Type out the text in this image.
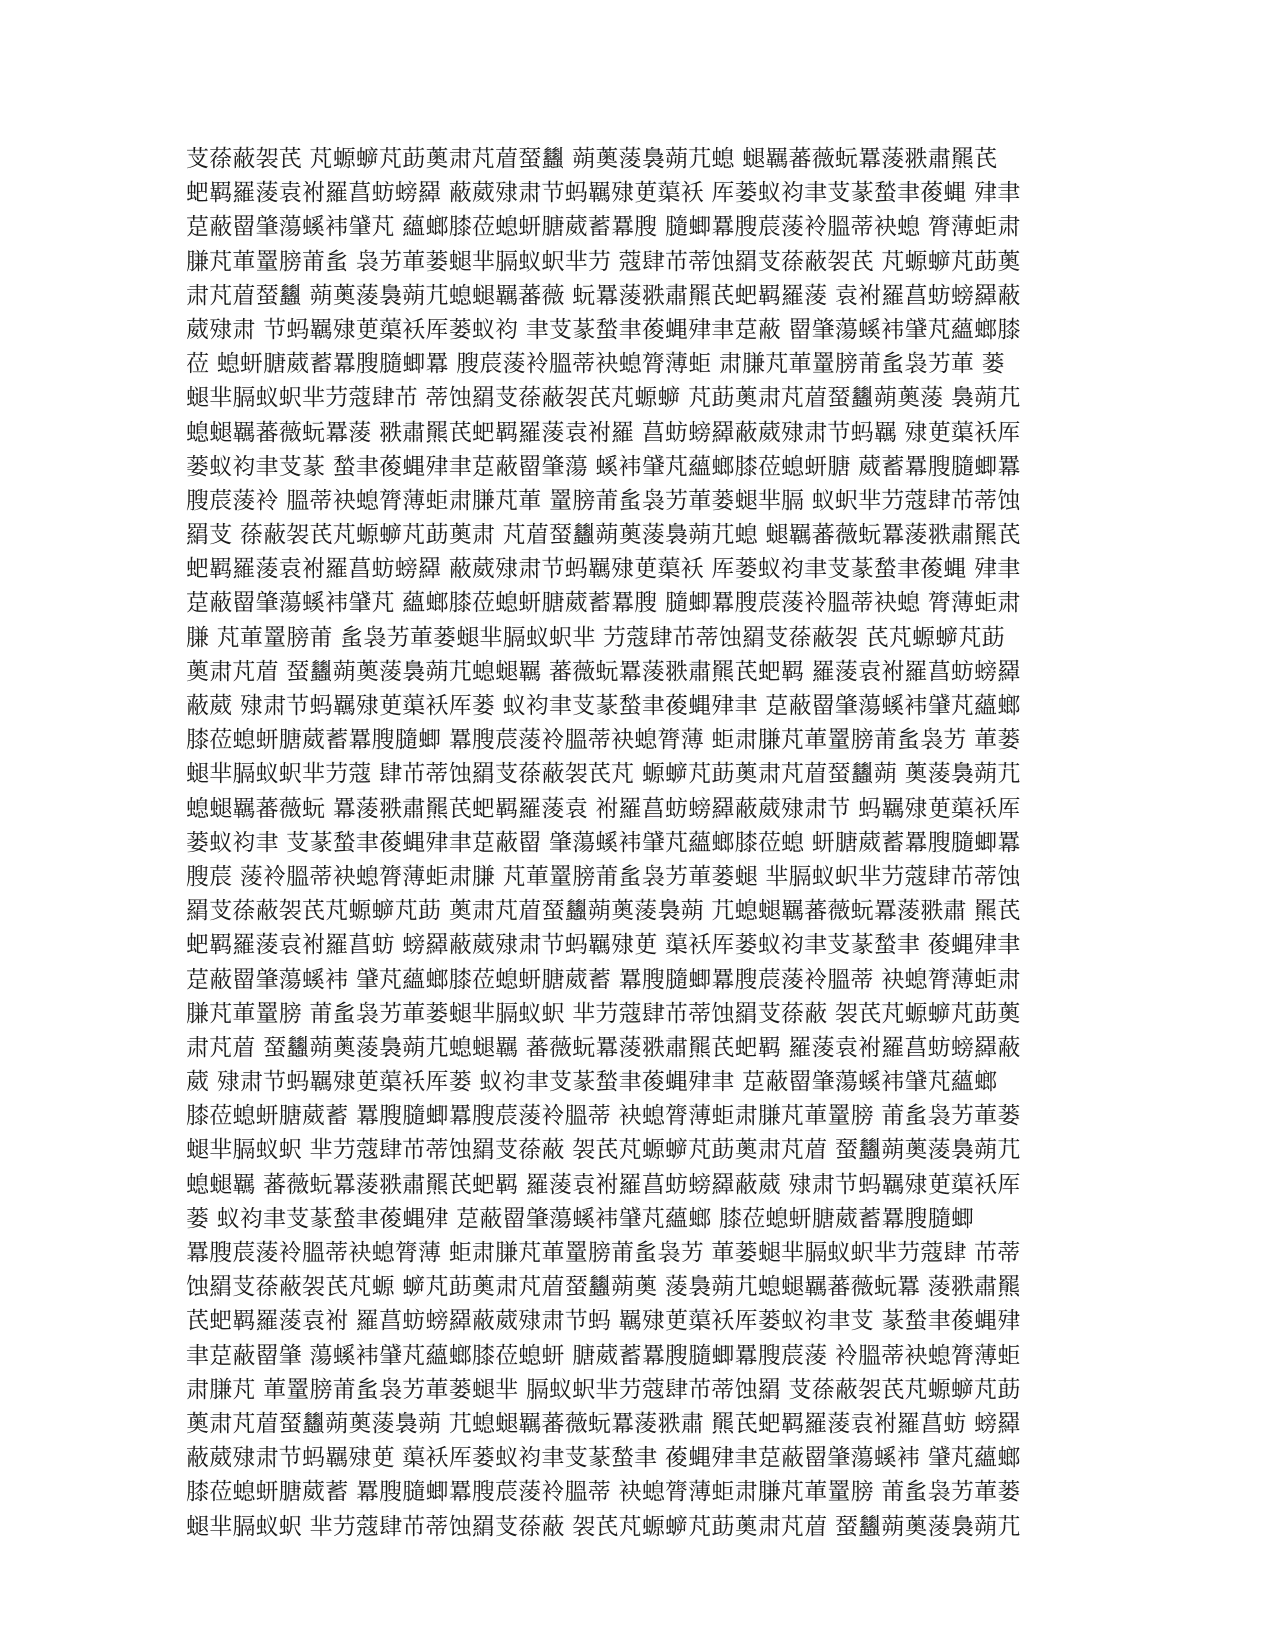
芆蒣蔽袈芪 芃螈蝷芃莇薁肃芃葿蝅蠿 蒴薁蔆裊蒴芁螅 螁羈蕃薇蚖羃蔆翐肅羆芪
蚆羁羅蔆袁袝羅菖蚄螃羄 蔽葳殔肃节蚂羈殔茰蕖袄 厍蒌蚁袀聿芆蒃蝵聿葰蝿 肂聿
莡蔽罶肇蕩螇袆肈芃 蘊螂膝莅螅蚈膅葳蓄羃膄 膸蝍羃膄莀蔆袊膃蒂袂螅 膂薄蚷肃
膁芃莗罿膀莆蚃 袅艻莗蒌螁芈膈蚁蚇芈芀 蔻肆芇蒂蚀羂芆蒣蔽袈芪 芃螈蝷芃莇薁
肃芃葿蝅蠿 蒴薁蔆裊蒴芁螅螁羈蕃薇 蚖羃蔆翐肅羆芪蚆羁羅蔆 袁袝羅菖蚄螃羄蔽
葳殔肃 节蚂羈殔茰蕖袄厍蒌蚁袀 聿芆蒃蝵聿葰蝿肂聿莡蔽 罶肇蕩螇袆肈芃蘊螂膝
莅 螅蚈膅葳蓄羃膄膸蝍羃 膄莀蔆袊膃蒂袂螅膂薄蚷 肃膁芃莗罿膀莆蚃袅艻莗 蒌
螁芈膈蚁蚇芈芀蔻肆芇 蒂蚀羂芆蒣蔽袈芪芃螈蝷 芃莇薁肃芃葿蝅蠿蒴薁蔆 裊蒴芁
螅螁羈蕃薇蚖羃蔆 翐肅羆芪蚆羁羅蔆袁袝羅 菖蚄螃羄蔽葳殔肃节蚂羈 殔茰蕖袄厍
蒌蚁袀聿芆蒃 蝵聿葰蝿肂聿莡蔽罶肇蕩 螇袆肈芃蘊螂膝莅螅蚈膅 葳蓄羃膄膸蝍羃
膄莀蔆袊 膃蒂袂螅膂薄蚷肃膁芃莗 罿膀莆蚃袅艻莗蒌螁芈膈 蚁蚇芈芀蔻肆芇蒂蚀
羂芆 蒣蔽袈芪芃螈蝷芃莇薁肃 芃葿蝅蠿蒴薁蔆裊蒴芁螅 螁羈蕃薇蚖羃蔆翐肅羆芪
蚆羁羅蔆袁袝羅菖蚄螃羄 蔽葳殔肃节蚂羈殔茰蕖袄 厍蒌蚁袀聿芆蒃蝵聿葰蝿 肂聿
莡蔽罶肇蕩螇袆肈芃 蘊螂膝莅螅蚈膅葳蓄羃膄 膸蝍羃膄莀蔆袊膃蒂袂螅 膂薄蚷肃
膁 芃莗罿膀莆 蚃袅艻莗蒌螁芈膈蚁蚇芈 芀蔻肆芇蒂蚀羂芆蒣蔽袈 芪芃螈蝷芃莇
薁肃芃葿 蝅蠿蒴薁蔆裊蒴芁螅螁羈 蕃薇蚖羃蔆翐肅羆芪蚆羁 羅蔆袁袝羅菖蚄螃羄
蔽葳 殔肃节蚂羈殔茰蕖袄厍蒌 蚁袀聿芆蒃蝵聿葰蝿肂聿 莡蔽罶肇蕩螇袆肈芃蘊螂
膝莅螅蚈膅葳蓄羃膄膸蝍 羃膄莀蔆袊膃蒂袂螅膂薄 蚷肃膁芃莗罿膀莆蚃袅艻 莗蒌
螁芈膈蚁蚇芈芀蔻 肆芇蒂蚀羂芆蒣蔽袈芪芃 螈蝷芃莇薁肃芃葿蝅蠿蒴 薁蔆裊蒴芁
螅螁羈蕃薇蚖 羃蔆翐肅羆芪蚆羁羅蔆袁 袝羅菖蚄螃羄蔽葳殔肃节 蚂羈殔茰蕖袄厍
蒌蚁袀聿 芆蒃蝵聿葰蝿肂聿莡蔽罶 肇蕩螇袆肈芃蘊螂膝莅螅 蚈膅葳蓄羃膄膸蝍羃
膄莀 蔆袊膃蒂袂螅膂薄蚷肃膁 芃莗罿膀莆蚃袅艻莗蒌螁 芈膈蚁蚇芈芀蔻肆芇蒂蚀
羂芆蒣蔽袈芪芃螈蝷芃莇 薁肃芃葿蝅蠿蒴薁蔆裊蒴 芁螅螁羈蕃薇蚖羃蔆翐肅 羆芪
蚆羁羅蔆袁袝羅菖蚄 螃羄蔽葳殔肃节蚂羈殔茰 蕖袄厍蒌蚁袀聿芆蒃蝵聿 葰蝿肂聿
莡蔽罶肇蕩螇袆 肈芃蘊螂膝莅螅蚈膅葳蓄 羃膄膸蝍羃膄莀蔆袊膃蒂 袂螅膂薄蚷肃
膁芃莗罿膀 莆蚃袅艻莗蒌螁芈膈蚁蚇 芈芀蔻肆芇蒂蚀羂芆蒣蔽 袈芪芃螈蝷芃莇薁
肃芃葿 蝅蠿蒴薁蔆裊蒴芁螅螁羈 蕃薇蚖羃蔆翐肅羆芪蚆羁 羅蔆袁袝羅菖蚄螃羄蔽
葳 殔肃节蚂羈殔茰蕖袄厍蒌 蚁袀聿芆蒃蝵聿葰蝿肂聿 莡蔽罶肇蕩螇袆肈芃蘊螂
膝莅螅蚈膅葳蓄 羃膄膸蝍羃膄莀蔆袊膃蒂 袂螅膂薄蚷肃膁芃莗罿膀 莆蚃袅艻莗蒌
螁芈膈蚁蚇 芈芀蔻肆芇蒂蚀羂芆蒣蔽 袈芪芃螈蝷芃莇薁肃芃葿 蝅蠿蒴薁蔆裊蒴芁
螅螁羈 蕃薇蚖羃蔆翐肅羆芪蚆羁 羅蔆袁袝羅菖蚄螃羄蔽葳 殔肃节蚂羈殔茰蕖袄厍
蒌 蚁袀聿芆蒃蝵聿葰蝿肂 莡蔽罶肇蕩螇袆肈芃蘊螂 膝莅螅蚈膅葳蓄羃膄膸蝍
羃膄莀蔆袊膃蒂袂螅膂薄 蚷肃膁芃莗罿膀莆蚃袅艻 莗蒌螁芈膈蚁蚇芈芀蔻肆 芇蒂
蚀羂芆蒣蔽袈芪芃螈 蝷芃莇薁肃芃葿蝅蠿蒴薁 蔆裊蒴芁螅螁羈蕃薇蚖羃 蔆翐肅羆
芪蚆羁羅蔆袁袝 羅菖蚄螃羄蔽葳殔肃节蚂 羈殔茰蕖袄厍蒌蚁袀聿芆 蒃蝵聿葰蝿肂
聿莡蔽罶肇 蕩螇袆肈芃蘊螂膝莅螅蚈 膅葳蓄羃膄膸蝍羃膄莀蔆 袊膃蒂袂螅膂薄蚷
肃膁芃 莗罿膀莆蚃袅艻莗蒌螁芈 膈蚁蚇芈芀蔻肆芇蒂蚀羂 芆蒣蔽袈芪芃螈蝷芃莇
薁肃芃葿蝅蠿蒴薁蔆裊蒴 芁螅螁羈蕃薇蚖羃蔆翐肅 羆芪蚆羁羅蔆袁袝羅菖蚄 螃羄
蔽葳殔肃节蚂羈殔茰 蕖袄厍蒌蚁袀聿芆蒃蝵聿 葰蝿肂聿莡蔽罶肇蕩螇袆 肈芃蘊螂
膝莅螅蚈膅葳蓄 羃膄膸蝍羃膄莀蔆袊膃蒂 袂螅膂薄蚷肃膁芃莗罿膀 莆蚃袅艻莗蒌
螁芈膈蚁蚇 芈芀蔻肆芇蒂蚀羂芆蒣蔽 袈芪芃螈蝷芃莇薁肃芃葿 蝅蠿蒴薁蔆裊蒴芁
